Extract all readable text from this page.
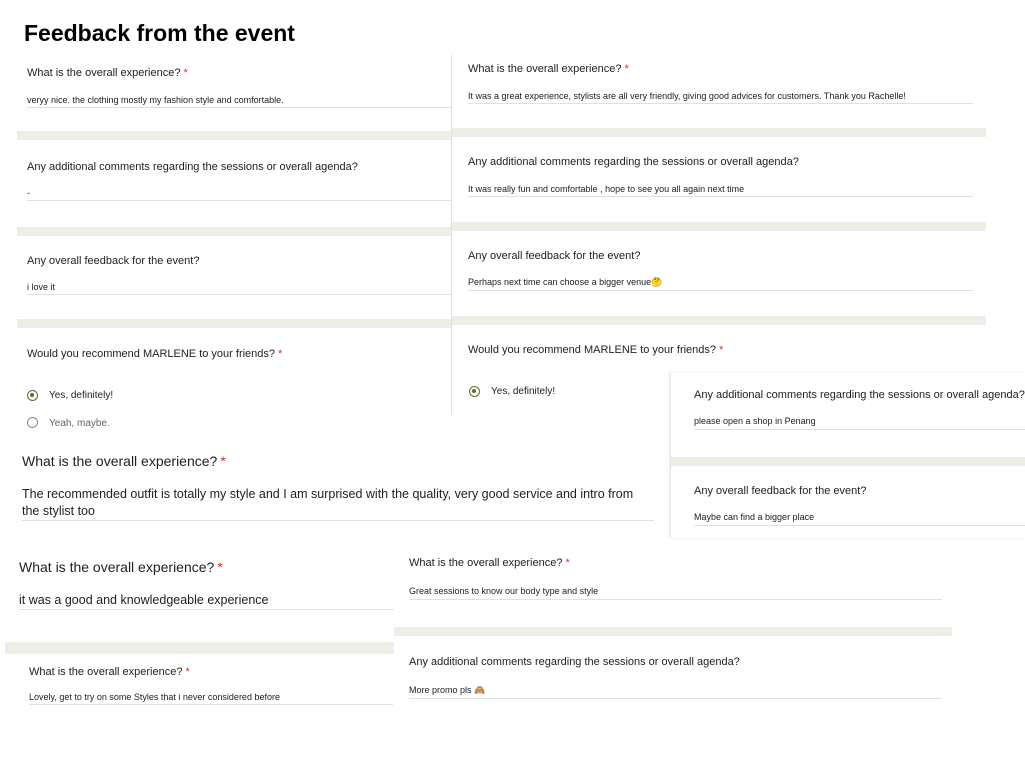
Feedback from the event
What is the overall experience? *
veryy nice. the clothing mostly my fashion style and comfortable.
Any additional comments regarding the sessions or overall agenda?
-
Any overall feedback for the event?
i love it
Would you recommend MARLENE to your friends? *
Yes, definitely!
Yeah, maybe.
What is the overall experience? *
It was a great experience, stylists are all very friendly, giving good advices for customers. Thank you Rachelle!
Any additional comments regarding the sessions or overall agenda?
It was really fun and comfortable , hope to see you all again next time
Any overall feedback for the event?
Perhaps next time can choose a bigger venue🤔
Would you recommend MARLENE to your friends? *
Yes, definitely!	Any additional comments regarding the sessions or overall agenda?
please open a shop in Penang
Any overall feedback for the event?
Maybe can find a bigger place
What is the overall experience? *
The recommended outfit is totally my style and I am surprised with the quality, very good service and intro from the stylist too
What is the overall experience? *
it was a good and knowledgeable experience
What is the overall experience? *
Great sessions to know our body type and style
Any additional comments regarding the sessions or overall agenda?
More promo pls 🙈
What is the overall experience? *
Lovely, get to try on some Styles that i never considered before
